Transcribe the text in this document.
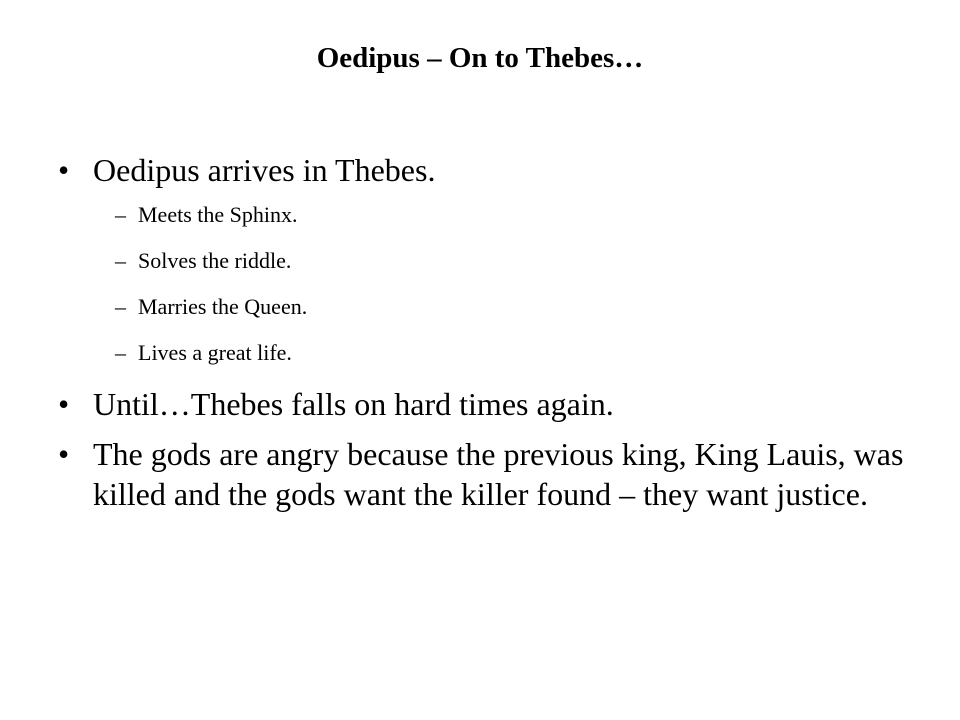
Oedipus – On to Thebes…
• Oedipus arrives in Thebes.
– Meets the Sphinx.
– Solves the riddle.
– Marries the Queen.
– Lives a great life.
• Until…Thebes falls on hard times again.
• The gods are angry because the previous king, King Lauis, was killed and the gods want the killer found – they want justice.
